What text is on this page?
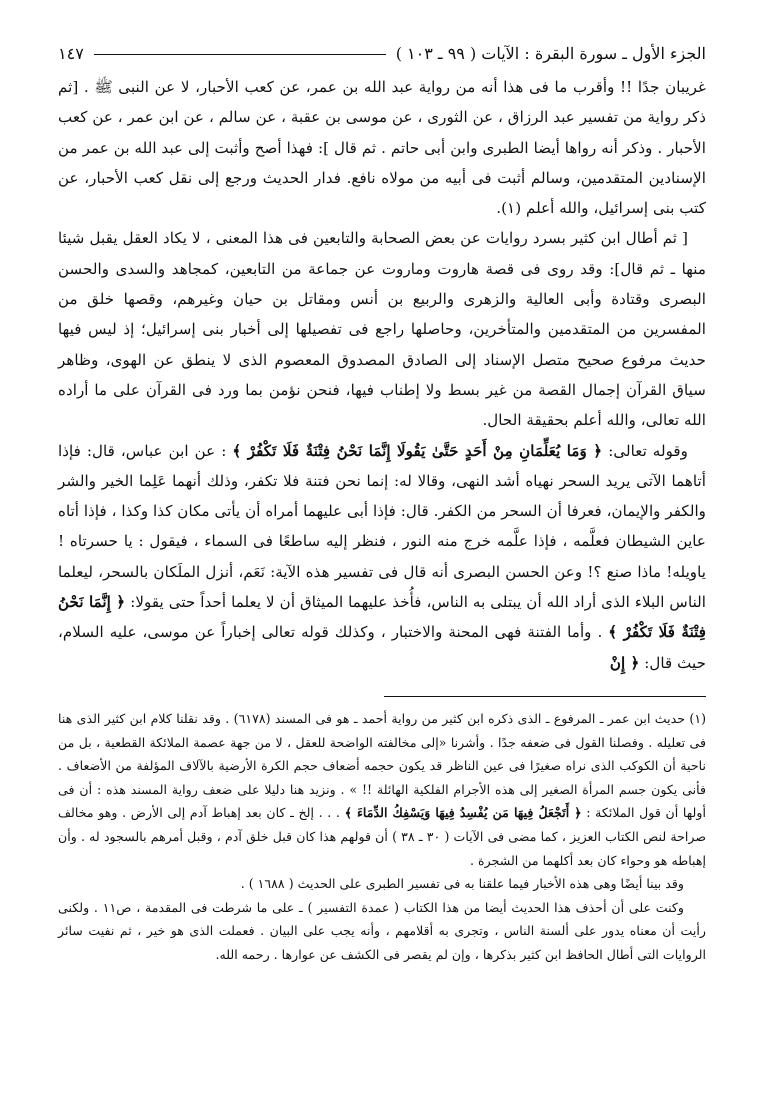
الجزء الأول ـ سورة البقرة : الآيات ( ٩٩ ـ ١٠٣ )
١٤٧

غريبان جدًا !! وأقرب ما فى هذا أنه من رواية عبد الله بن عمر، عن كعب الأحبار، لا عن النبى ﷺ . [ثم ذكر رواية من تفسير عبد الرزاق ، عن الثورى ، عن موسى بن عقبة ، عن سالم ، عن ابن عمر ، عن كعب الأحبار . وذكر أنه رواها أيضا الطبرى وابن أبى حاتم . ثم قال ]: فهذا أصح وأثبت إلى عبد الله بن عمر من الإسنادين المتقدمين، وسالم أثبت فى أبيه من مولاه نافع. فدار الحديث ورجع إلى نقل كعب الأحبار، عن كتب بنى إسرائيل، والله أعلم (١).

[ ثم أطال ابن كثير بسرد روايات عن بعض الصحابة والتابعين فى هذا المعنى ، لا يكاد العقل يقبل شيئا منها ـ ثم قال]: وقد روى فى قصة هاروت وماروت عن جماعة من التابعين، كمجاهد والسدى والحسن البصرى وقتادة وأبى العالية والزهرى والربيع بن أنس ومقاتل بن حيان وغيرهم، وقصها خلق من المفسرين من المتقدمين والمتأخرين، وحاصلها راجع فى تفصيلها إلى أخبار بنى إسرائيل؛ إذ ليس فيها حديث مرفوع صحيح متصل الإسناد إلى الصادق المصدوق المعصوم الذى لا ينطق عن الهوى، وظاهر سياق القرآن إجمال القصة من غير بسط ولا إطناب فيها، فنحن نؤمن بما ورد فى القرآن على ما أراده الله تعالى، والله أعلم بحقيقة الحال.

وقوله تعالى: ﴿ وَمَا يُعَلِّمَانِ مِنْ أَحَدٍ حَتَّىٰ يَقُولَا إِنَّمَا نَحْنُ فِتْنَةٌ فَلَا تَكْفُرْ ﴾ : عن ابن عباس، قال: فإذا أتاهما الآتى يريد السحر نهياه أشد النهى، وقالا له: إنما نحن فتنة فلا تكفر، وذلك أنهما عَلِما الخير والشر والكفر والإيمان، فعرفا أن السحر من الكفر. قال: فإذا أبى عليهما أمراه أن يأتى مكان كذا وكذا ، فإذا أتاه عاين الشيطان فعلَّمه ، فإذا علَّمه خرج منه النور ، فنظر إليه ساطعًا فى السماء ، فيقول : يا حسرتاه ! ياويله! ماذا صنع ؟! وعن الحسن البصرى أنه قال فى تفسير هذه الآية: نَعَم، أنزل الملَكان بالسحر، ليعلما الناس البلاء الذى أراد الله أن يبتلى به الناس، فأُخذ عليهما الميثاق أن لا يعلما أحداً حتى يقولا: ﴿ إِنَّمَا نَحْنُ فِتْنَةٌ فَلَا تَكْفُرْ ﴾ . وأما الفتنة فهى المحنة والاختبار ، وكذلك قوله تعالى إخباراً عن موسى، عليه السلام، حيث قال: ﴿ إِنْ

(١) حديث ابن عمر ـ المرفوع ـ الذى ذكره ابن كثير من رواية أحمد ـ هو فى المسند (٦١٧٨) . وقد نقلنا كلام ابن كثير الذى هنا فى تعليله . وفصلنا القول فى ضعفه جدًا . وأشرنا «إلى مخالفته الواضحة للعقل ، لا من جهة عصمة الملائكة القطعية ، بل من ناحية أن الكوكب الذى نراه صغيرًا فى عين الناظر قد يكون حجمه أضعاف حجم الكرة الأرضية بالآلاف المؤلفة من الأضعاف . فأنى يكون جسم المرأة الصغير إلى هذه الأجرام الفلكية الهائلة !! » . ونزيد هنا دليلا على ضعف رواية المسند هذه : أن فى أولها أن قول الملائكة : ﴿ أَتَجْعَلُ فِيهَا مَن يُفْسِدُ فِيهَا وَيَسْفِكُ الدِّمَاءَ ﴾ . . . إلخ ـ كان بعد إهباط آدم إلى الأرض . وهو مخالف صراحة لنص الكتاب العزيز ، كما مضى فى الآيات ( ٣٠ ـ ٣٨ ) أن قولهم هذا كان قبل خلق آدم ، وقبل أمرهم بالسجود له . وأن إهباطه هو وحواء كان بعد أكلهما من الشجرة .

وقد بينا أيضًا وهى هذه الأخبار فيما علقنا به فى تفسير الطبرى على الحديث ( ١٦٨٨ ) .

وكنت على أن أحذف هذا الحديث أيضا من هذا الكتاب ( عمدة التفسير ) ـ على ما شرطت فى المقدمة ، ص١١ . ولكنى رأيت أن معناه يدور على ألسنة الناس ، وتجرى به أقلامهم ، وأنه يجب على البيان . فعملت الذى هو خير ، ثم نفيت سائر الروايات التى أطال الحافظ ابن كثير بذكرها ، وإن لم يقصر فى الكشف عن عوارها . رحمه الله.
